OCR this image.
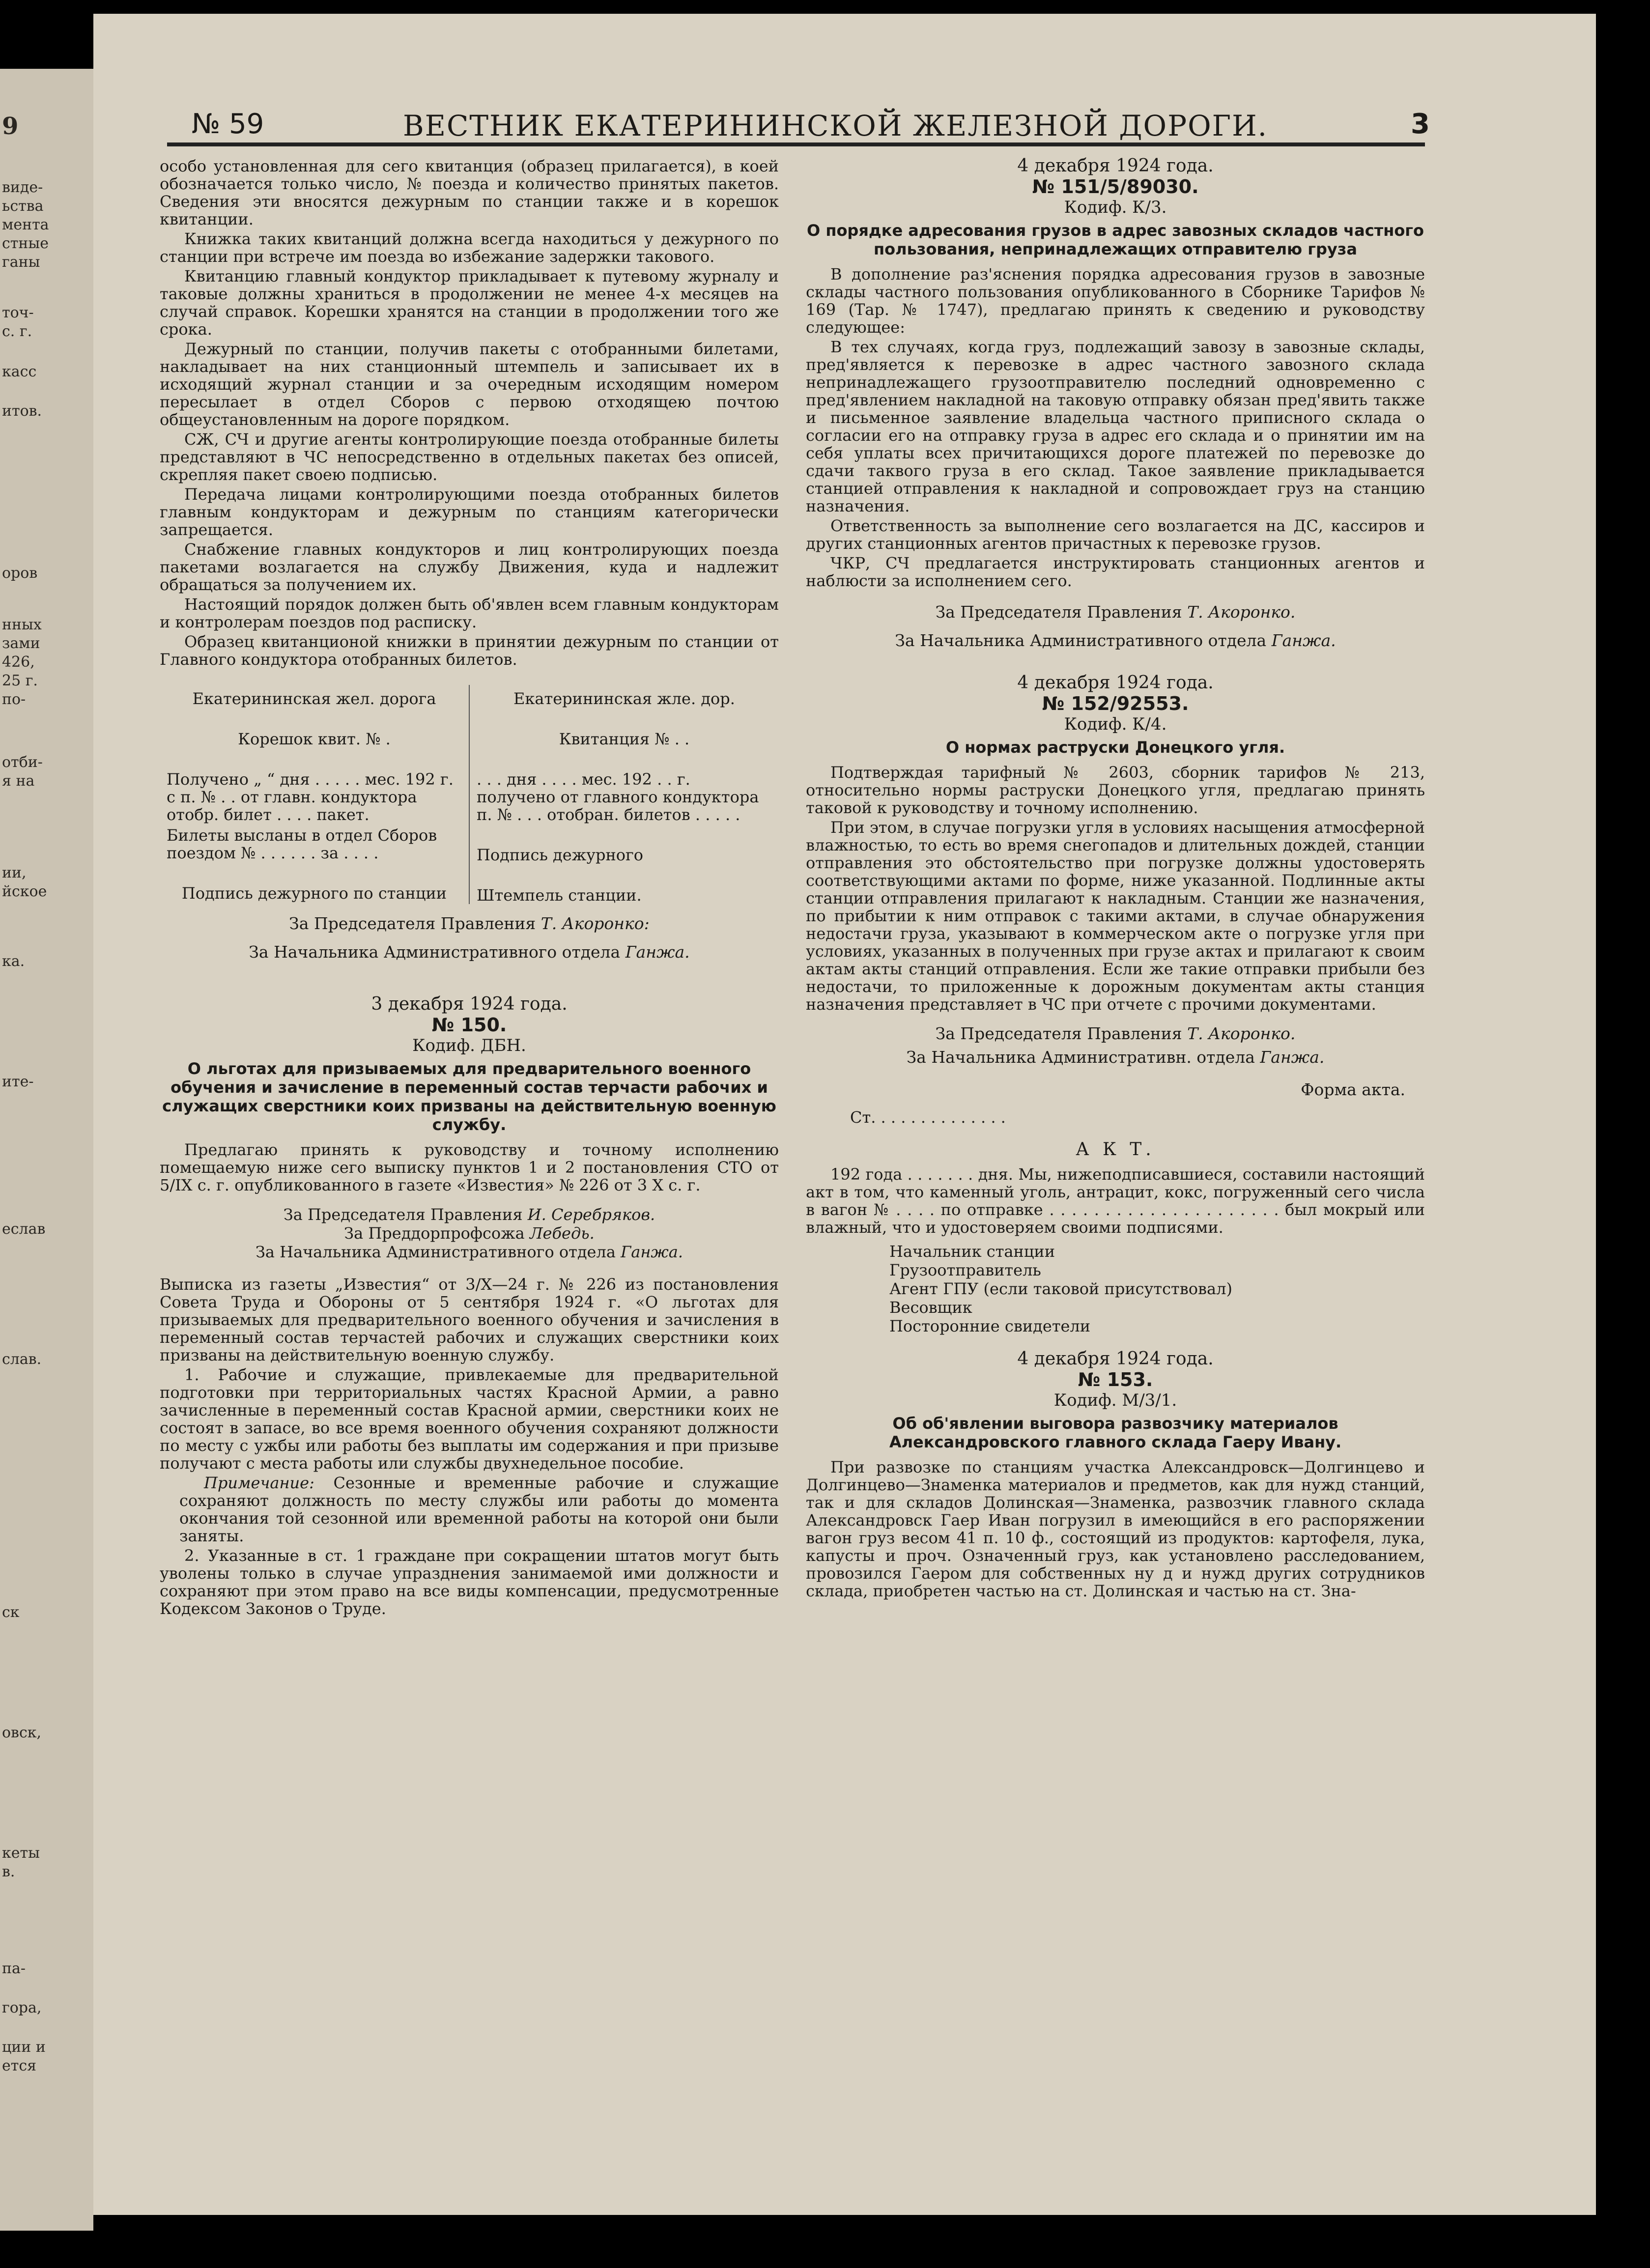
9
виде-
ьства
мента
стные
ганы
точ-
с. г.
касс
итов.
оров
нных
зами
426,
25 г.
по-
отби-
я на
ии,
йское
ка.
ите-
еслав
слав.
ск
овск,
кеты
в.
па-
гора,
ции и
ется
№ 59	ВЕСТНИК ЕКАТЕРИНИНСКОЙ ЖЕЛЕЗНОЙ ДОРОГИ.	3

особо установленная для сего квитанция (образец прилагается), в коей обозначается только число, № поезда и количество принятых пакетов. Сведения эти вносятся дежурным по станции также и в корешок квитанции.

Книжка таких квитанций должна всегда находиться у дежурного по станции при встрече им поезда во избежание задержки такового.

Квитанцию главный кондуктор прикладывает к путевому журналу и таковые должны храниться в продолжении не менее 4-х месяцев на случай справок. Корешки хранятся на станции в продолжении того же срока.

Дежурный по станции, получив пакеты с отобранными билетами, накладывает на них станционный штемпель и записывает их в исходящий журнал станции и за очередным исходящим номером пересылает в отдел Сборов с первою отходящею почтою общеустановленным на дороге порядком.

СЖ, СЧ и другие агенты контролирующие поезда отобранные билеты представляют в ЧС непосредственно в отдельных пакетах без описей, скрепляя пакет своею подписью.

Передача лицами контролирующими поезда отобранных билетов главным кондукторам и дежурным по станциям категорически запрещается.

Снабжение главных кондукторов и лиц контролирующих поезда пакетами возлагается на службу Движения, куда и надлежит обращаться за получением их.

Настоящий порядок должен быть об'явлен всем главным кондукторам и контролерам поездов под расписку.

Образец квитанционой книжки в принятии дежурным по станции от Главного кондуктора отобранных билетов.

Екатерининская жел. дорога
Корешок квит. № .
Получено „ “ дня . . . . . мес. 192 г. с п. № . . от главн. кондуктора отобр. билет . . . . пакет.
Билеты высланы в отдел Сборов поездом № . . . . . . за . . . .
Подпись дежурного по станции
Екатерининская жле. дор.
Квитанция № . .
. . . дня . . . . мес. 192 . . г. получено от главного кондуктора п. № . . . отобран. билетов . . . . .
Подпись дежурного
Штемпель станции.
За Председателя Правления Т. Акоронко:
За Начальника Административного отдела Ганжа.
3 декабря 1924 года.
№ 150.
Кодиф. ДБН.
О льготах для призываемых для предварительного военного обучения и зачисление в переменный состав терчасти рабочих и служащих сверстники коих призваны на действительную военную службу.

Предлагаю принять к руководству и точному исполнению помещаемую ниже сего выписку пунктов 1 и 2 постановления СТО от 5/IX с. г. опубликованного в газете «Известия» № 226 от 3 Х с. г.

За Председателя Правления И. Серебряков.
За Преддорпрофсожа Лебедь.
За Начальника Административного отдела Ганжа.

Выписка из газеты „Известия“ от 3/Х—24 г. № 226 из постановления Совета Труда и Обороны от 5 сентября 1924 г. «О льготах для призываемых для предварительного военного обучения и зачисления в переменный состав терчастей рабочих и служащих сверстники коих призваны на действительную военную службу.

1. Рабочие и служащие, привлекаемые для предварительной подготовки при территориальных частях Красной Армии, а равно зачисленные в переменный состав Красной армии, сверстники коих не состоят в запасе, во все время военного обучения сохраняют должности по месту с ужбы или работы без выплаты им содержания и при призыве получают с места работы или службы двухнедельное пособие.

Примечание: Сезонные и временные рабочие и служащие сохраняют должность по месту службы или работы до момента окончания той сезонной или временной работы на которой они были заняты.

2. Указанные в ст. 1 граждане при сокращении штатов могут быть уволены только в случае упразднения занимаемой ими должности и сохраняют при этом право на все виды компенсации, предусмотренные Кодексом Законов о Труде.

4 декабря 1924 года.
№ 151/5/89030.
Кодиф. К/3.
О порядке адресования грузов в адрес завозных складов частного пользования, непринадлежащих отправителю груза

В дополнение раз'яснения порядка адресования грузов в завозные склады частного пользования опубликованного в Сборнике Тарифов № 169 (Тар. № 1747), предлагаю принять к сведению и руководству следующее:

В тех случаях, когда груз, подлежащий завозу в завозные склады, пред'является к перевозке в адрес частного завозного склада непринадлежащего грузоотправителю последний одновременно с пред'явлением накладной на таковую отправку обязан пред'явить также и письменное заявление владельца частного приписного склада о согласии его на отправку груза в адрес его склада и о принятии им на себя уплаты всех причитающихся дороге платежей по перевозке до сдачи таквого груза в его склад. Такое заявление прикладывается станцией отправления к накладной и сопровождает груз на станцию назначения.

Ответственность за выполнение сего возлагается на ДС, кассиров и других станционных агентов причастных к перевозке грузов.

ЧКР, СЧ предлагается инструктировать станционных агентов и наблюсти за исполнением сего.

За Председателя Правления Т. Акоронко.
За Начальника Административного отдела Ганжа.
4 декабря 1924 года.
№ 152/92553.
Кодиф. К/4.
О нормах раструски Донецкого угля.

Подтверждая тарифный № 2603, сборник тарифов № 213, относительно нормы раструски Донецкого угля, предлагаю принять таковой к руководству и точному исполнению.

При этом, в случае погрузки угля в условиях насыщения атмосферной влажностью, то есть во время снегопадов и длительных дождей, станции отправления это обстоятельство при погрузке должны удостоверять соответствующими актами по форме, ниже указанной. Подлинные акты станции отправления прилагают к накладным. Станции же назначения, по прибытии к ним отправок с такими актами, в случае обнаружения недостачи груза, указывают в коммерческом акте о погрузке угля при условиях, указанных в полученных при грузе актах и прилагают к своим актам акты станций отправления. Если же такие отправки прибыли без недостачи, то приложенные к дорожным документам акты станция назначения представляет в ЧС при отчете с прочими документами.

За Председателя Правления Т. Акоронко.
За Начальника Административн. отдела Ганжа.
Форма акта.
Ст. . . . . . . . . . . . . .
А К Т.

192 года . . . . . . . дня. Мы, нижеподписавшиеся, составили настоящий акт в том, что каменный уголь, антрацит, кокс, погруженный сего числа в вагон № . . . . по отправке . . . . . . . . . . . . . . . . . . . . . был мокрый или влажный, что и удостоверяем своими подписями.

Начальник станции
Грузоотправитель
Агент ГПУ (если таковой присутствовал)
Весовщик
Посторонние свидетели
4 декабря 1924 года.
№ 153.
Кодиф. М/3/1.
Об об'явлении выговора развозчику материалов Александровского главного склада Гаеру Ивану.

При развозке по станциям участка Александровск—Долгинцево и Долгинцево—Знаменка материалов и предметов, как для нужд станций, так и для складов Долинская—Знаменка, развозчик главного склада Александровск Гаер Иван погрузил в имеющийся в его распоряжении вагон груз весом 41 п. 10 ф., состоящий из продуктов: картофеля, лука, капусты и проч. Означенный груз, как установлено расследованием, провозился Гаером для собственных ну д и нужд других сотрудников склада, приобретен частью на ст. Долинская и частью на ст. Зна-
